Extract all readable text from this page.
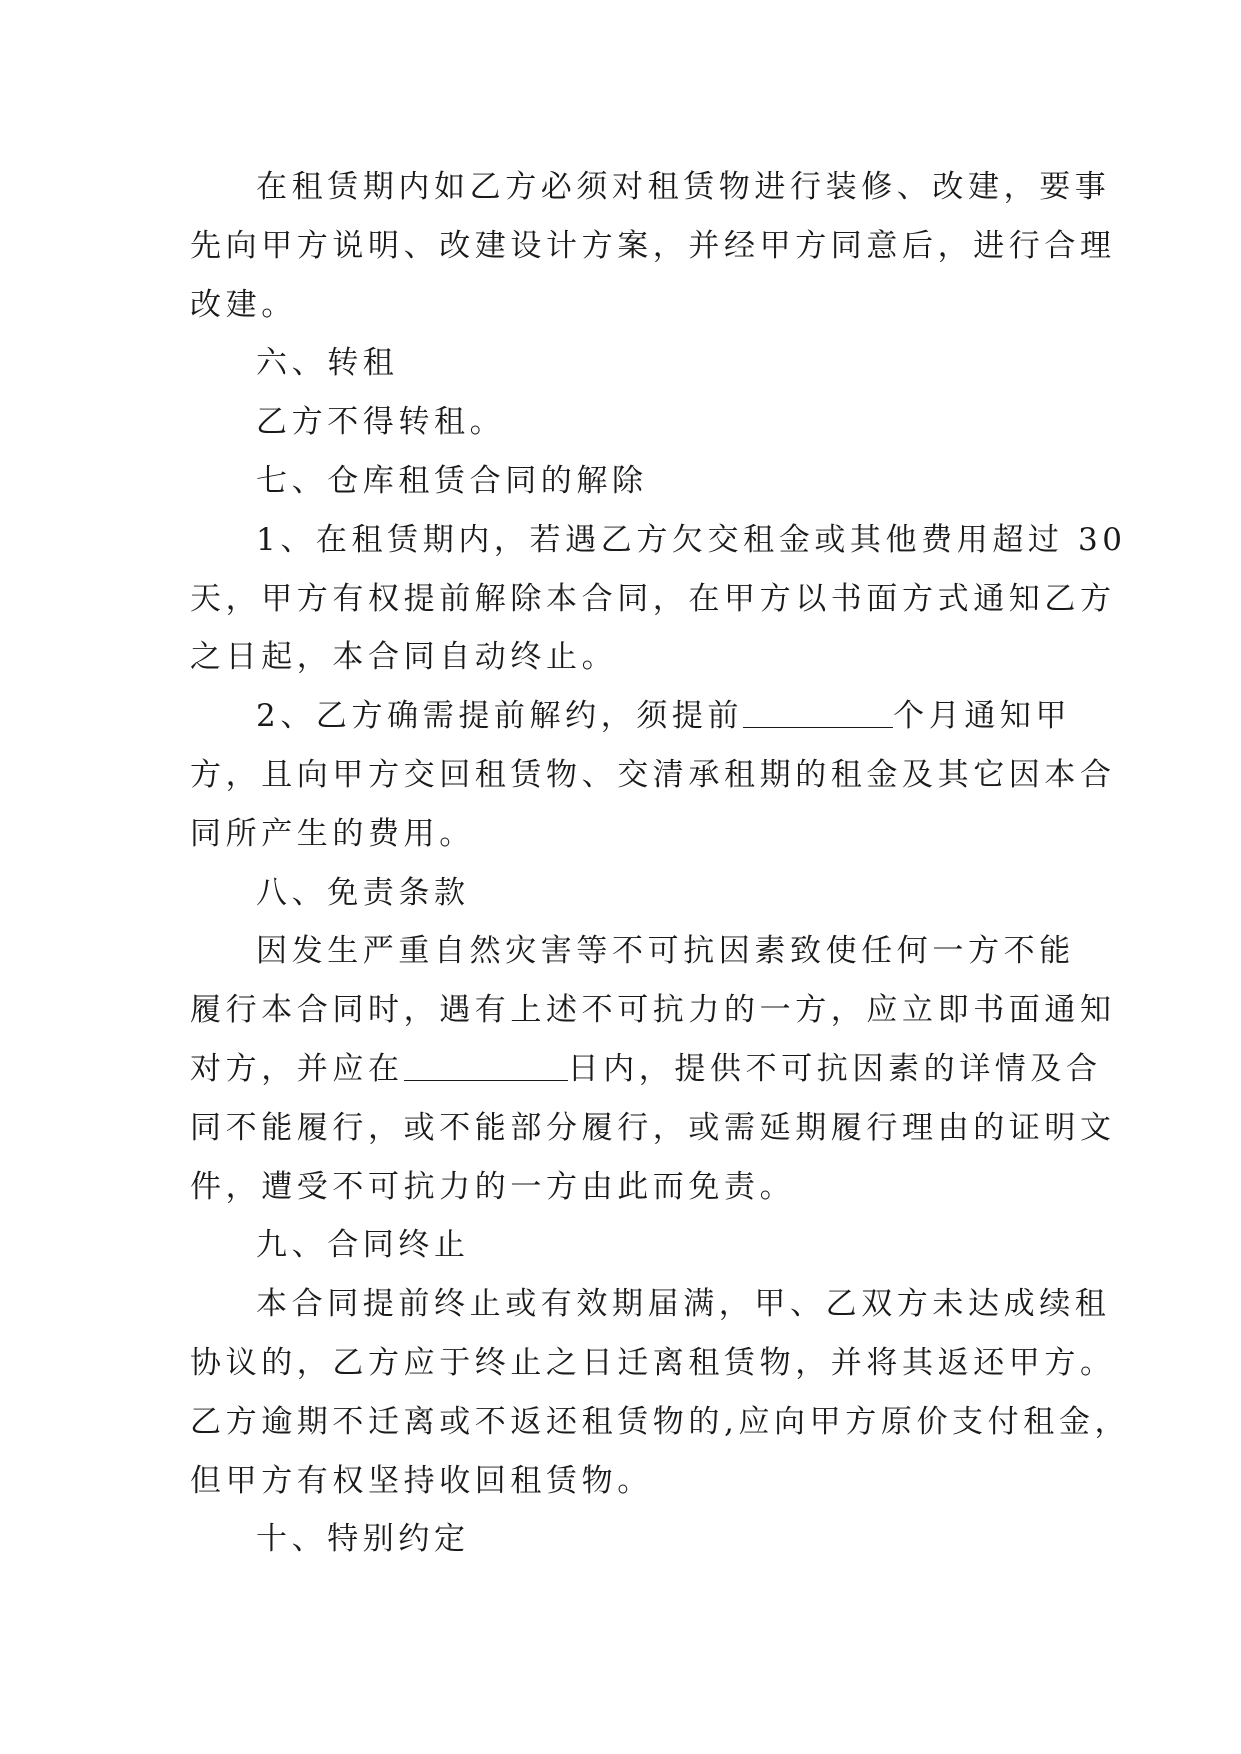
在租赁期内如乙方必须对租赁物进行装修、改建，要事
先向甲方说明、改建设计方案，并经甲方同意后，进行合理
改建。
六、转租
乙方不得转租。
七、仓库租赁合同的解除
1、在租赁期内，若遇乙方欠交租金或其他费用超过 30
天，甲方有权提前解除本合同，在甲方以书面方式通知乙方
之日起，本合同自动终止。
2、乙方确需提前解约，须提前	个月通知甲
方，且向甲方交回租赁物、交清承租期的租金及其它因本合
同所产生的费用。
八、免责条款
因发生严重自然灾害等不可抗因素致使任何一方不能
履行本合同时，遇有上述不可抗力的一方，应立即书面通知
对方，并应在	日内，提供不可抗因素的详情及合
同不能履行，或不能部分履行，或需延期履行理由的证明文
件，遭受不可抗力的一方由此而免责。
九、合同终止
本合同提前终止或有效期届满，甲、乙双方未达成续租
协议的，乙方应于终止之日迁离租赁物，并将其返还甲方。
乙方逾期不迁离或不返还租赁物的,应向甲方原价支付租金，
但甲方有权坚持收回租赁物。
十、特别约定
